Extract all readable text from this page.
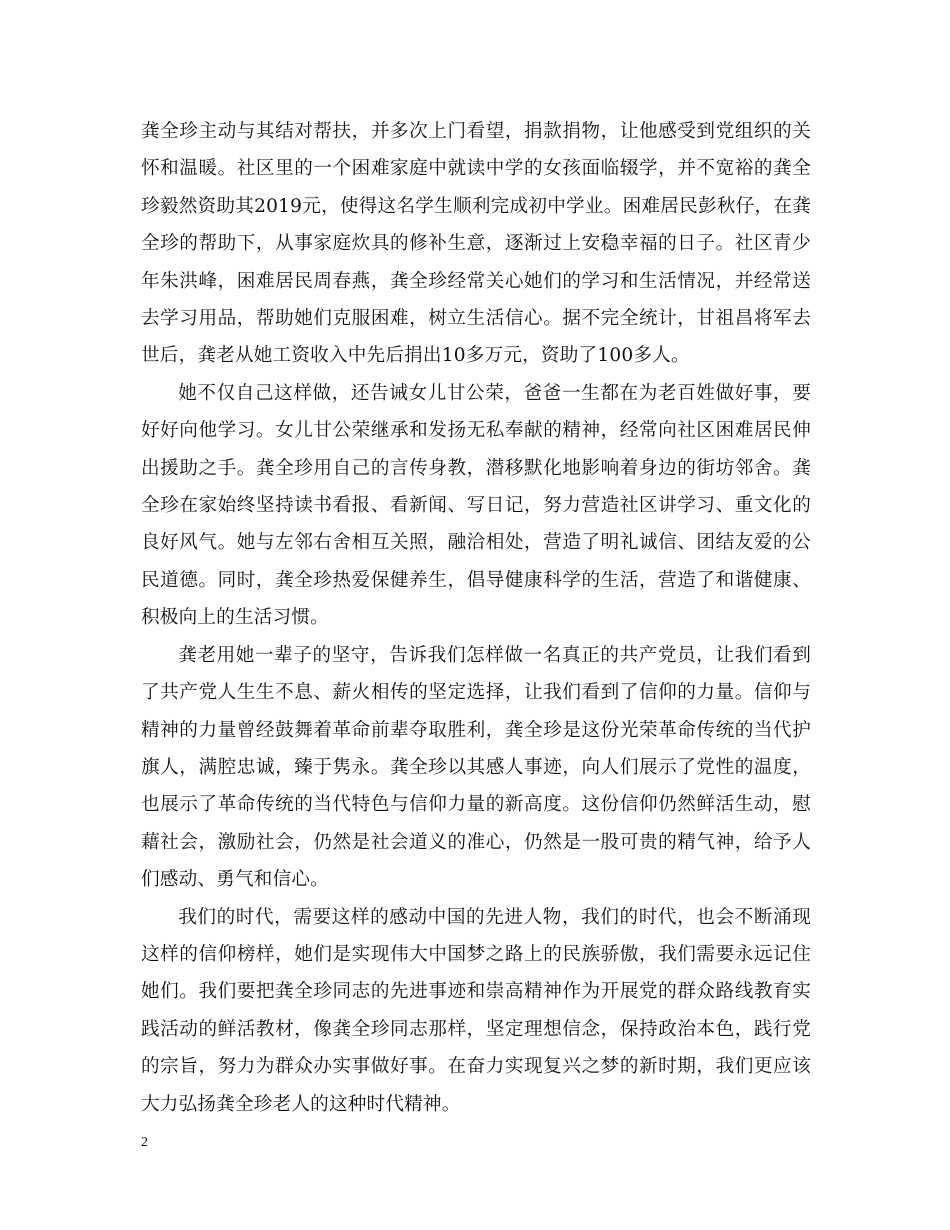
龚全珍主动与其结对帮扶，并多次上门看望，捐款捐物，让他感受到党组织的关怀和温暖。社区里的一个困难家庭中就读中学的女孩面临辍学，并不宽裕的龚全珍毅然资助其2019元，使得这名学生顺利完成初中学业。困难居民彭秋仔，在龚全珍的帮助下，从事家庭炊具的修补生意，逐渐过上安稳幸福的日子。社区青少年朱洪峰，困难居民周春燕，龚全珍经常关心她们的学习和生活情况，并经常送去学习用品，帮助她们克服困难，树立生活信心。据不完全统计，甘祖昌将军去世后，龚老从她工资收入中先后捐出10多万元，资助了100多人。

她不仅自己这样做，还告诫女儿甘公荣，爸爸一生都在为老百姓做好事，要好好向他学习。女儿甘公荣继承和发扬无私奉献的精神，经常向社区困难居民伸出援助之手。龚全珍用自己的言传身教，潜移默化地影响着身边的街坊邻舍。龚全珍在家始终坚持读书看报、看新闻、写日记，努力营造社区讲学习、重文化的良好风气。她与左邻右舍相互关照，融洽相处，营造了明礼诚信、团结友爱的公民道德。同时，龚全珍热爱保健养生，倡导健康科学的生活，营造了和谐健康、积极向上的生活习惯。

龚老用她一辈子的坚守，告诉我们怎样做一名真正的共产党员，让我们看到了共产党人生生不息、薪火相传的坚定选择，让我们看到了信仰的力量。信仰与精神的力量曾经鼓舞着革命前辈夺取胜利，龚全珍是这份光荣革命传统的当代护旗人，满腔忠诚，臻于隽永。龚全珍以其感人事迹，向人们展示了党性的温度，也展示了革命传统的当代特色与信仰力量的新高度。这份信仰仍然鲜活生动，慰藉社会，激励社会，仍然是社会道义的准心，仍然是一股可贵的精气神，给予人们感动、勇气和信心。

我们的时代，需要这样的感动中国的先进人物，我们的时代，也会不断涌现这样的信仰榜样，她们是实现伟大中国梦之路上的民族骄傲，我们需要永远记住她们。我们要把龚全珍同志的先进事迹和崇高精神作为开展党的群众路线教育实践活动的鲜活教材，像龚全珍同志那样，坚定理想信念，保持政治本色，践行党的宗旨，努力为群众办实事做好事。在奋力实现复兴之梦的新时期，我们更应该大力弘扬龚全珍老人的这种时代精神。

2
